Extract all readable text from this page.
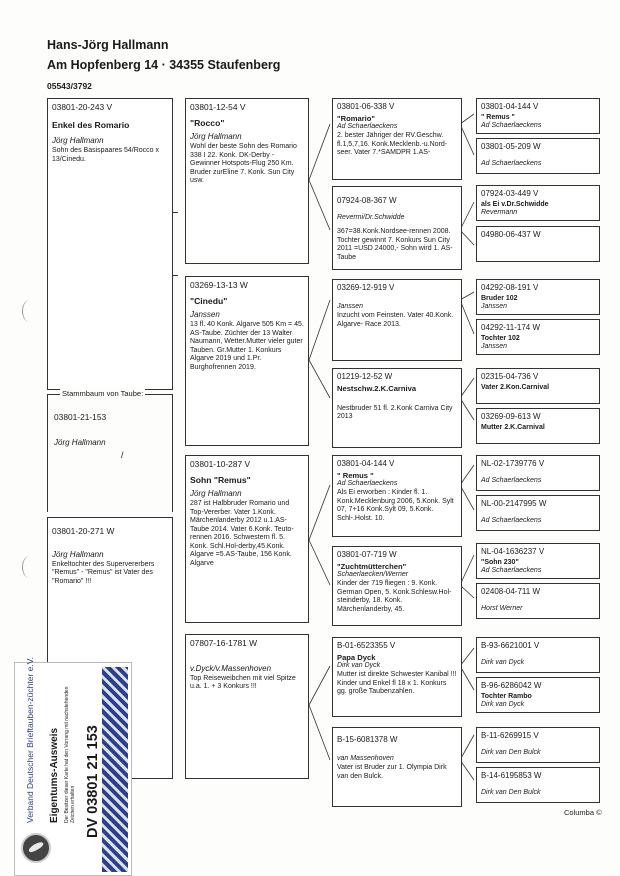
Hans-Jörg Hallmann
Am Hopfenberg 14 · 34355 Staufenberg
05543/3792
03801-20-243 V
Enkel des Romario
Jörg Hallmann
Sohn des Basispaares 54/Rocco x 13/Cinedu.
Stammbaum von Taube:
03801-21-153
Jörg Hallmann
/
03801-20-271 W
Jörg Hallmann
Enkeltochter des Supervererbers "Remus" - "Remus" ist Vater des "Romario" !!!
03801-12-54 V
"Rocco"
Jörg Hallmann
Wohl der beste Sohn des Romario 338 I 22. Konk. DK-Derby - Gewinner Hotspots-Flug 250 Km. Bruder zurEline 7. Konk. Sun City usw.
03269-13-13 W
"Cinedu"
Janssen
13 fl. 40 Konk. Algarve 505 Km = 45. AS-Taube. Züchter der 13 Walter Naumann, Wetter.Mutter vieler guter Tauben. Gr.Mutter 1. Konkurs Algarve 2019 und 1.Pr. Burghofrennen 2019.
03801-10-287 V
Sohn "Remus"
Jörg Hallmann
287 ist Halbbruder Romario und Top-Vererber. Vater 1.Konk. Märchenlanderby 2012 u.1.AS-Taube 2014. Vater 6.Konk. Teuto-rennen 2016. Schwestern fl. 5. Konk. Schl.Hol-derby,45.Konk. Algarve =5.AS-Taube, 156 Konk. Algarve
07807-16-1781 W
v.Dyck/v.Massenhoven
Top Reiseweibchen mit viel Spitze u.a. 1. + 3 Konkurs !!!
03801-06-338 V
"Romario"
Ad Schaerlaeckens
2. bester Jähriger der RV.Geschw. fl.1,5,7,16. Konk.Mecklenb.-u.Nord-seer. Vater 7.*SAMDPR 1.AS-
07924-08-367 W
Revermi/Dr.Schwidde
367=38.Konk.Nordsee-rennen 2008. Tochter gewinnt 7. Konkurs Sun City 2011 =USD 24000,- Sohn wird 1. AS-Taube
03269-12-919 V
Janssen
Inzucht vom Feinsten. Vater 40.Konk. Algarve- Race 2013.
01219-12-52 W
Nestschw.2.K.Carniva
Nestbruder 51 fl. 2.Konk Carniva City 2013
03801-04-144 V
" Remus "
Ad Schaerlaeckens
Als Ei erworben : Kinder fl. 1. Konk.Mecklenburg 2006, 5.Konk. Sylt 07, 7+16 Konk.Sylt 09, 5.Konk. Schl-.Holst. 10.
03801-07-719 W
"Zuchtmütterchen"
Schaerlaecken/Werner
Kinder der 719 fliegen : 9. Konk. German Open, 5. Konk.Schlesw.Hol-steinderby, 18. Konk. Märchenlanderby, 45.
B-01-6523355 V
Papa Dyck
Dirk van Dyck
Mutter ist direkte Schwester Kanibal !!! Kinder und Enkel fl 18 x 1. Konkurs gg. große Taubenzahlen.
B-15-6081378 W
van Massenhoven
Vater ist Bruder zur 1. Olympia Dirk van den Bulck.
03801-04-144 V
" Remus "
Ad Schaerlaeckens
03801-05-209 W
Ad Schaerlaeckens
07924-03-449 V
als Ei v.Dr.Schwidde
Revermann
04980-06-437 W
04292-08-191 V
Bruder 102
Janssen
04292-11-174 W
Tochter 102
Janssen
02315-04-736 V
Vater 2.Kon.Carnival
03269-09-613 W
Mutter 2.K.Carnival
NL-02-1739776 V
Ad Schaerlaeckens
NL-00-2147995 W
Ad Schaerlaeckens
NL-04-1636237 V
"Sohn 230"
Ad Schaerlaeckens
02408-04-711 W
Horst Werner
B-93-6621001 V
Dirk van Dyck
B-96-6286042 W
Tochter Rambo
Dirk van Dyck
B-11-6269915 V
Dirk van Den Bulck
B-14-6195853 W
Dirk van Den Bulck
Columba ©
Verband Deutscher Brieftauben-züchter e.V. Eigentums-Ausweis Der Besitzer dieser Karte hat den Vorrang mit nachstehenden Zeichen erhalten DV 03801 21 153
